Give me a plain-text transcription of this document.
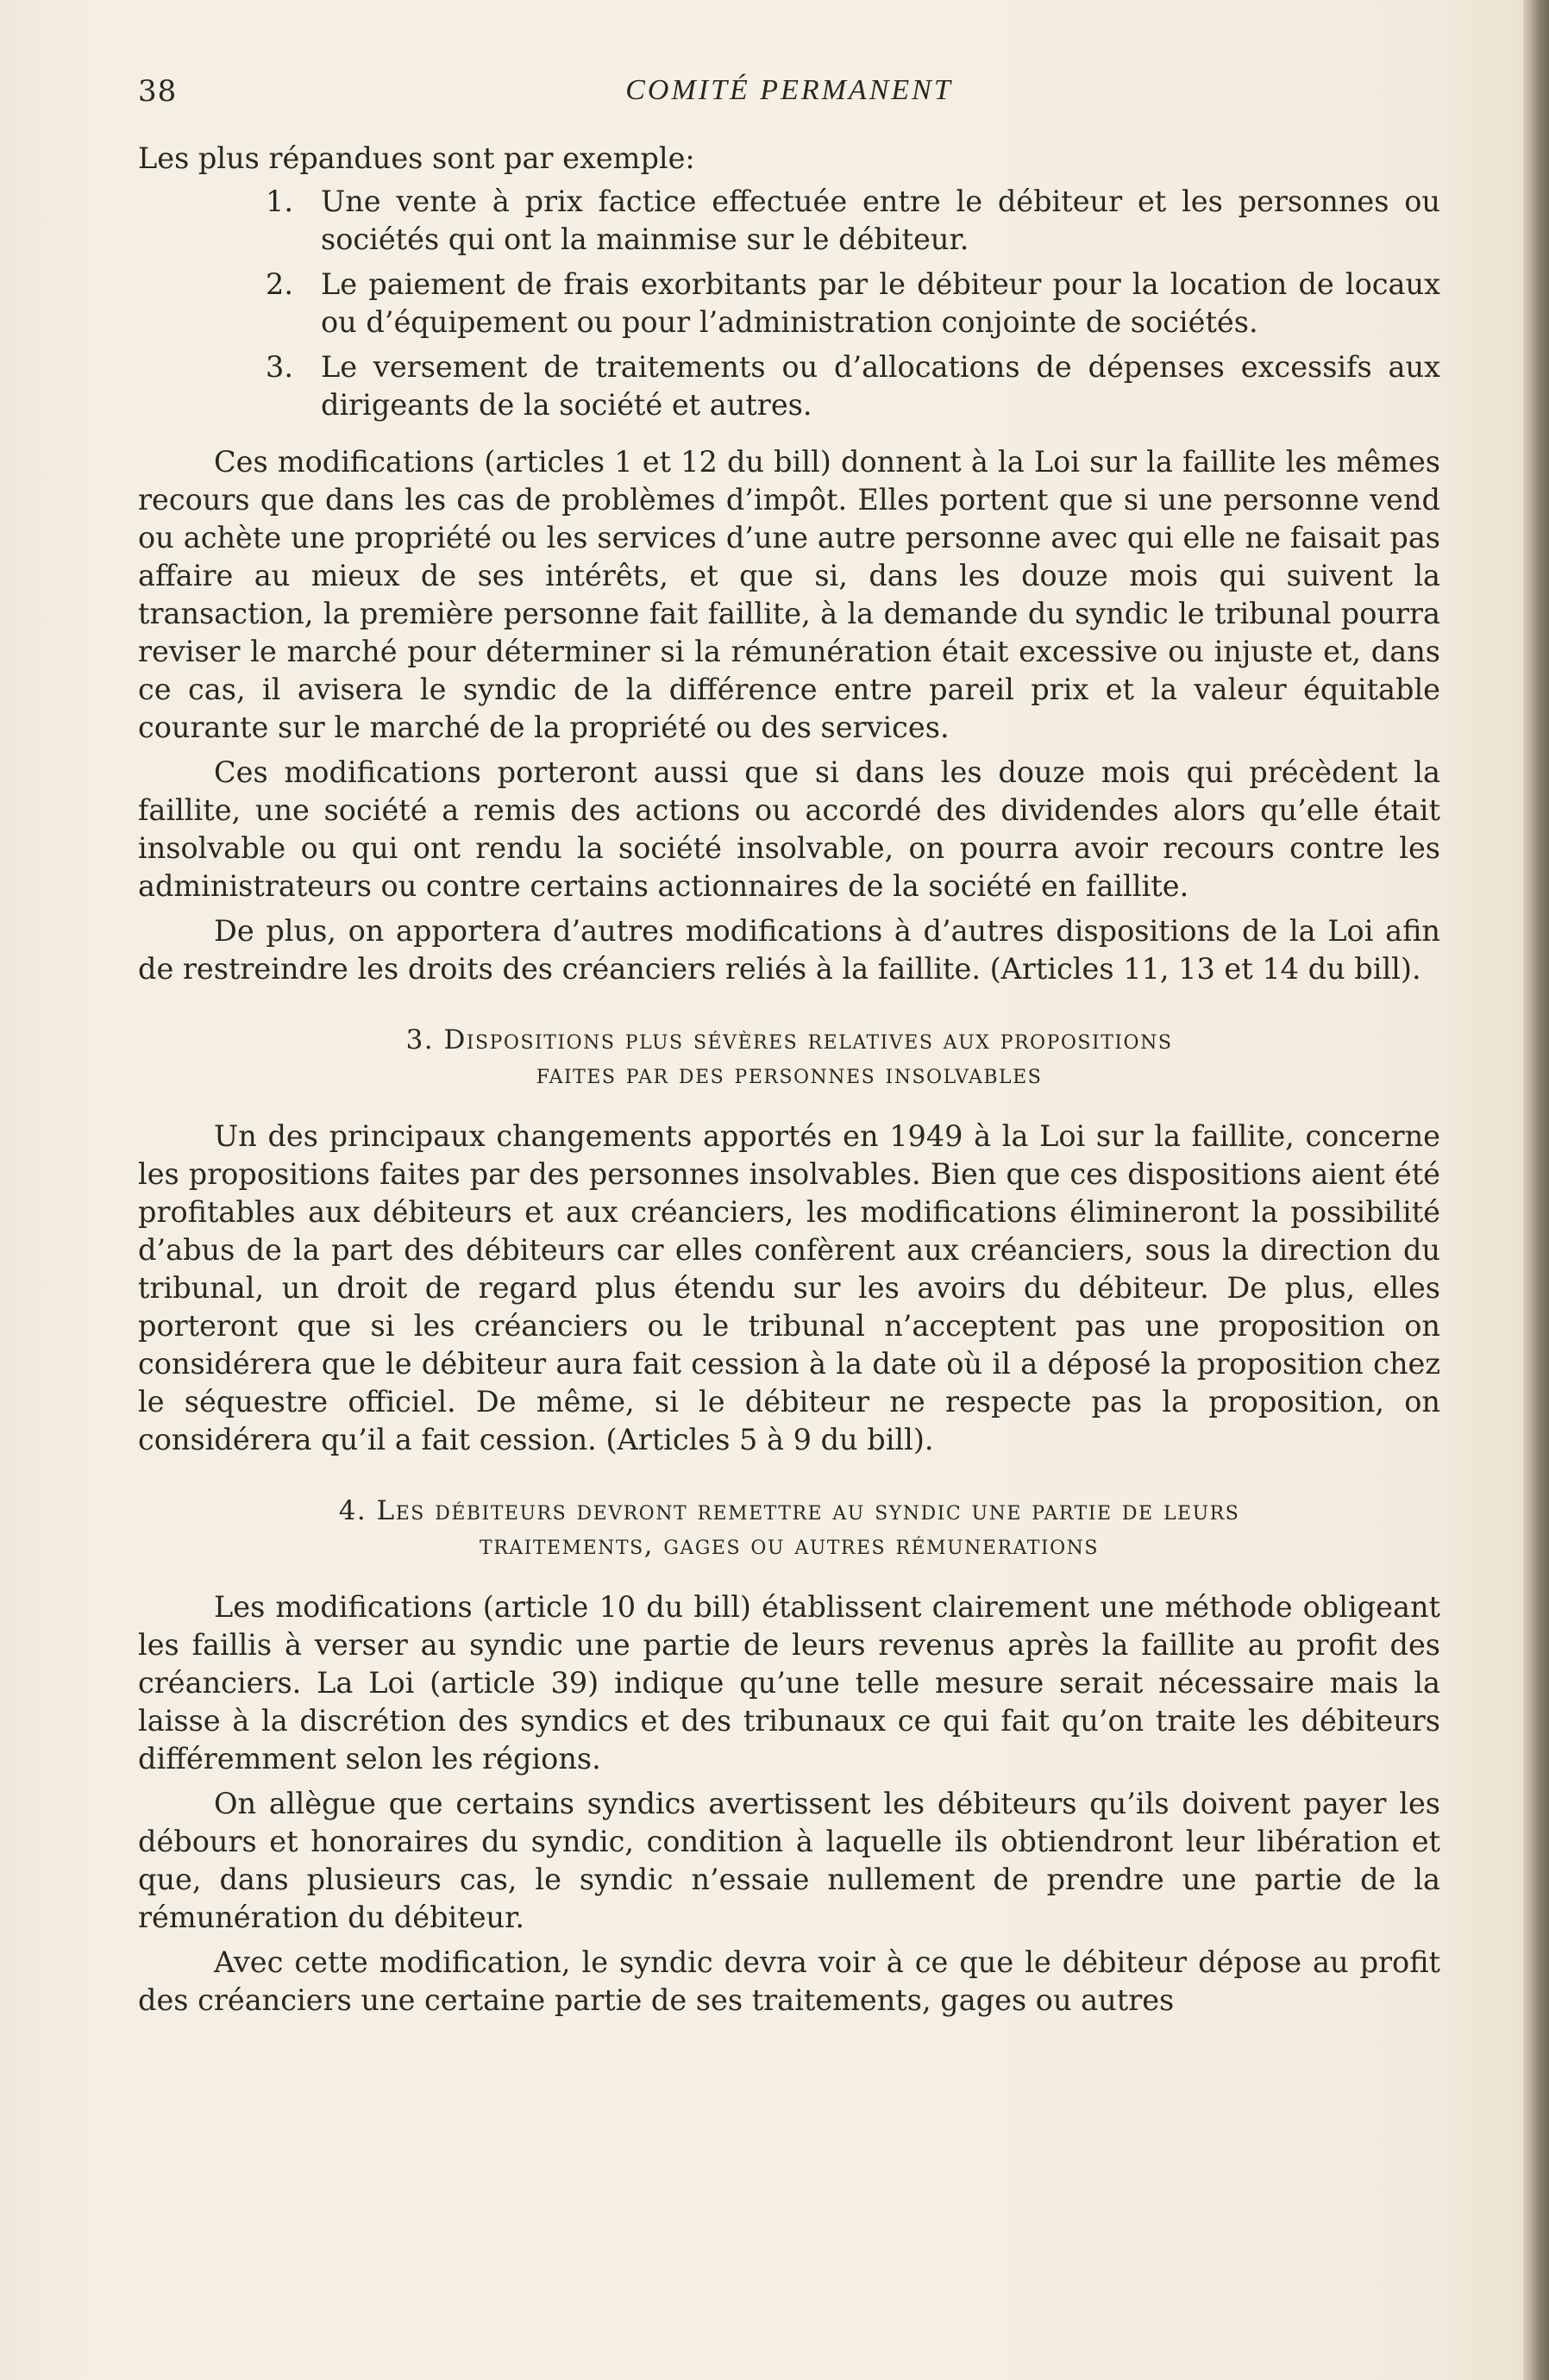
38	COMITÉ PERMANENT

Les plus répandues sont par exemple:

1. Une vente à prix factice effectuée entre le débiteur et les personnes ou sociétés qui ont la mainmise sur le débiteur.
2. Le paiement de frais exorbitants par le débiteur pour la location de locaux ou d’équipement ou pour l’administration conjointe de sociétés.
3. Le versement de traitements ou d’allocations de dépenses excessifs aux dirigeants de la société et autres.

Ces modifications (articles 1 et 12 du bill) donnent à la Loi sur la faillite les mêmes recours que dans les cas de problèmes d’impôt. Elles portent que si une personne vend ou achète une propriété ou les services d’une autre personne avec qui elle ne faisait pas affaire au mieux de ses intérêts, et que si, dans les douze mois qui suivent la transaction, la première personne fait faillite, à la demande du syndic le tribunal pourra reviser le marché pour déterminer si la rémunération était excessive ou injuste et, dans ce cas, il avisera le syndic de la différence entre pareil prix et la valeur équitable courante sur le marché de la propriété ou des services.

Ces modifications porteront aussi que si dans les douze mois qui précèdent la faillite, une société a remis des actions ou accordé des dividendes alors qu’elle était insolvable ou qui ont rendu la société insolvable, on pourra avoir recours contre les administrateurs ou contre certains actionnaires de la société en faillite.

De plus, on apportera d’autres modifications à d’autres dispositions de la Loi afin de restreindre les droits des créanciers reliés à la faillite. (Articles 11, 13 et 14 du bill).

3. Dispositions plus sévères relatives aux propositions
faites par des personnes insolvables

Un des principaux changements apportés en 1949 à la Loi sur la faillite, concerne les propositions faites par des personnes insolvables. Bien que ces dispositions aient été profitables aux débiteurs et aux créanciers, les modifications élimineront la possibilité d’abus de la part des débiteurs car elles confèrent aux créanciers, sous la direction du tribunal, un droit de regard plus étendu sur les avoirs du débiteur. De plus, elles porteront que si les créanciers ou le tribunal n’acceptent pas une proposition on considérera que le débiteur aura fait cession à la date où il a déposé la proposition chez le séquestre officiel. De même, si le débiteur ne respecte pas la proposition, on considérera qu’il a fait cession. (Articles 5 à 9 du bill).

4. Les débiteurs devront remettre au syndic une partie de leurs
traitements, gages ou autres rémunerations

Les modifications (article 10 du bill) établissent clairement une méthode obligeant les faillis à verser au syndic une partie de leurs revenus après la faillite au profit des créanciers. La Loi (article 39) indique qu’une telle mesure serait nécessaire mais la laisse à la discrétion des syndics et des tribunaux ce qui fait qu’on traite les débiteurs différemment selon les régions.

On allègue que certains syndics avertissent les débiteurs qu’ils doivent payer les débours et honoraires du syndic, condition à laquelle ils obtiendront leur libération et que, dans plusieurs cas, le syndic n’essaie nullement de prendre une partie de la rémunération du débiteur.

Avec cette modification, le syndic devra voir à ce que le débiteur dépose au profit des créanciers une certaine partie de ses traitements, gages ou autres
